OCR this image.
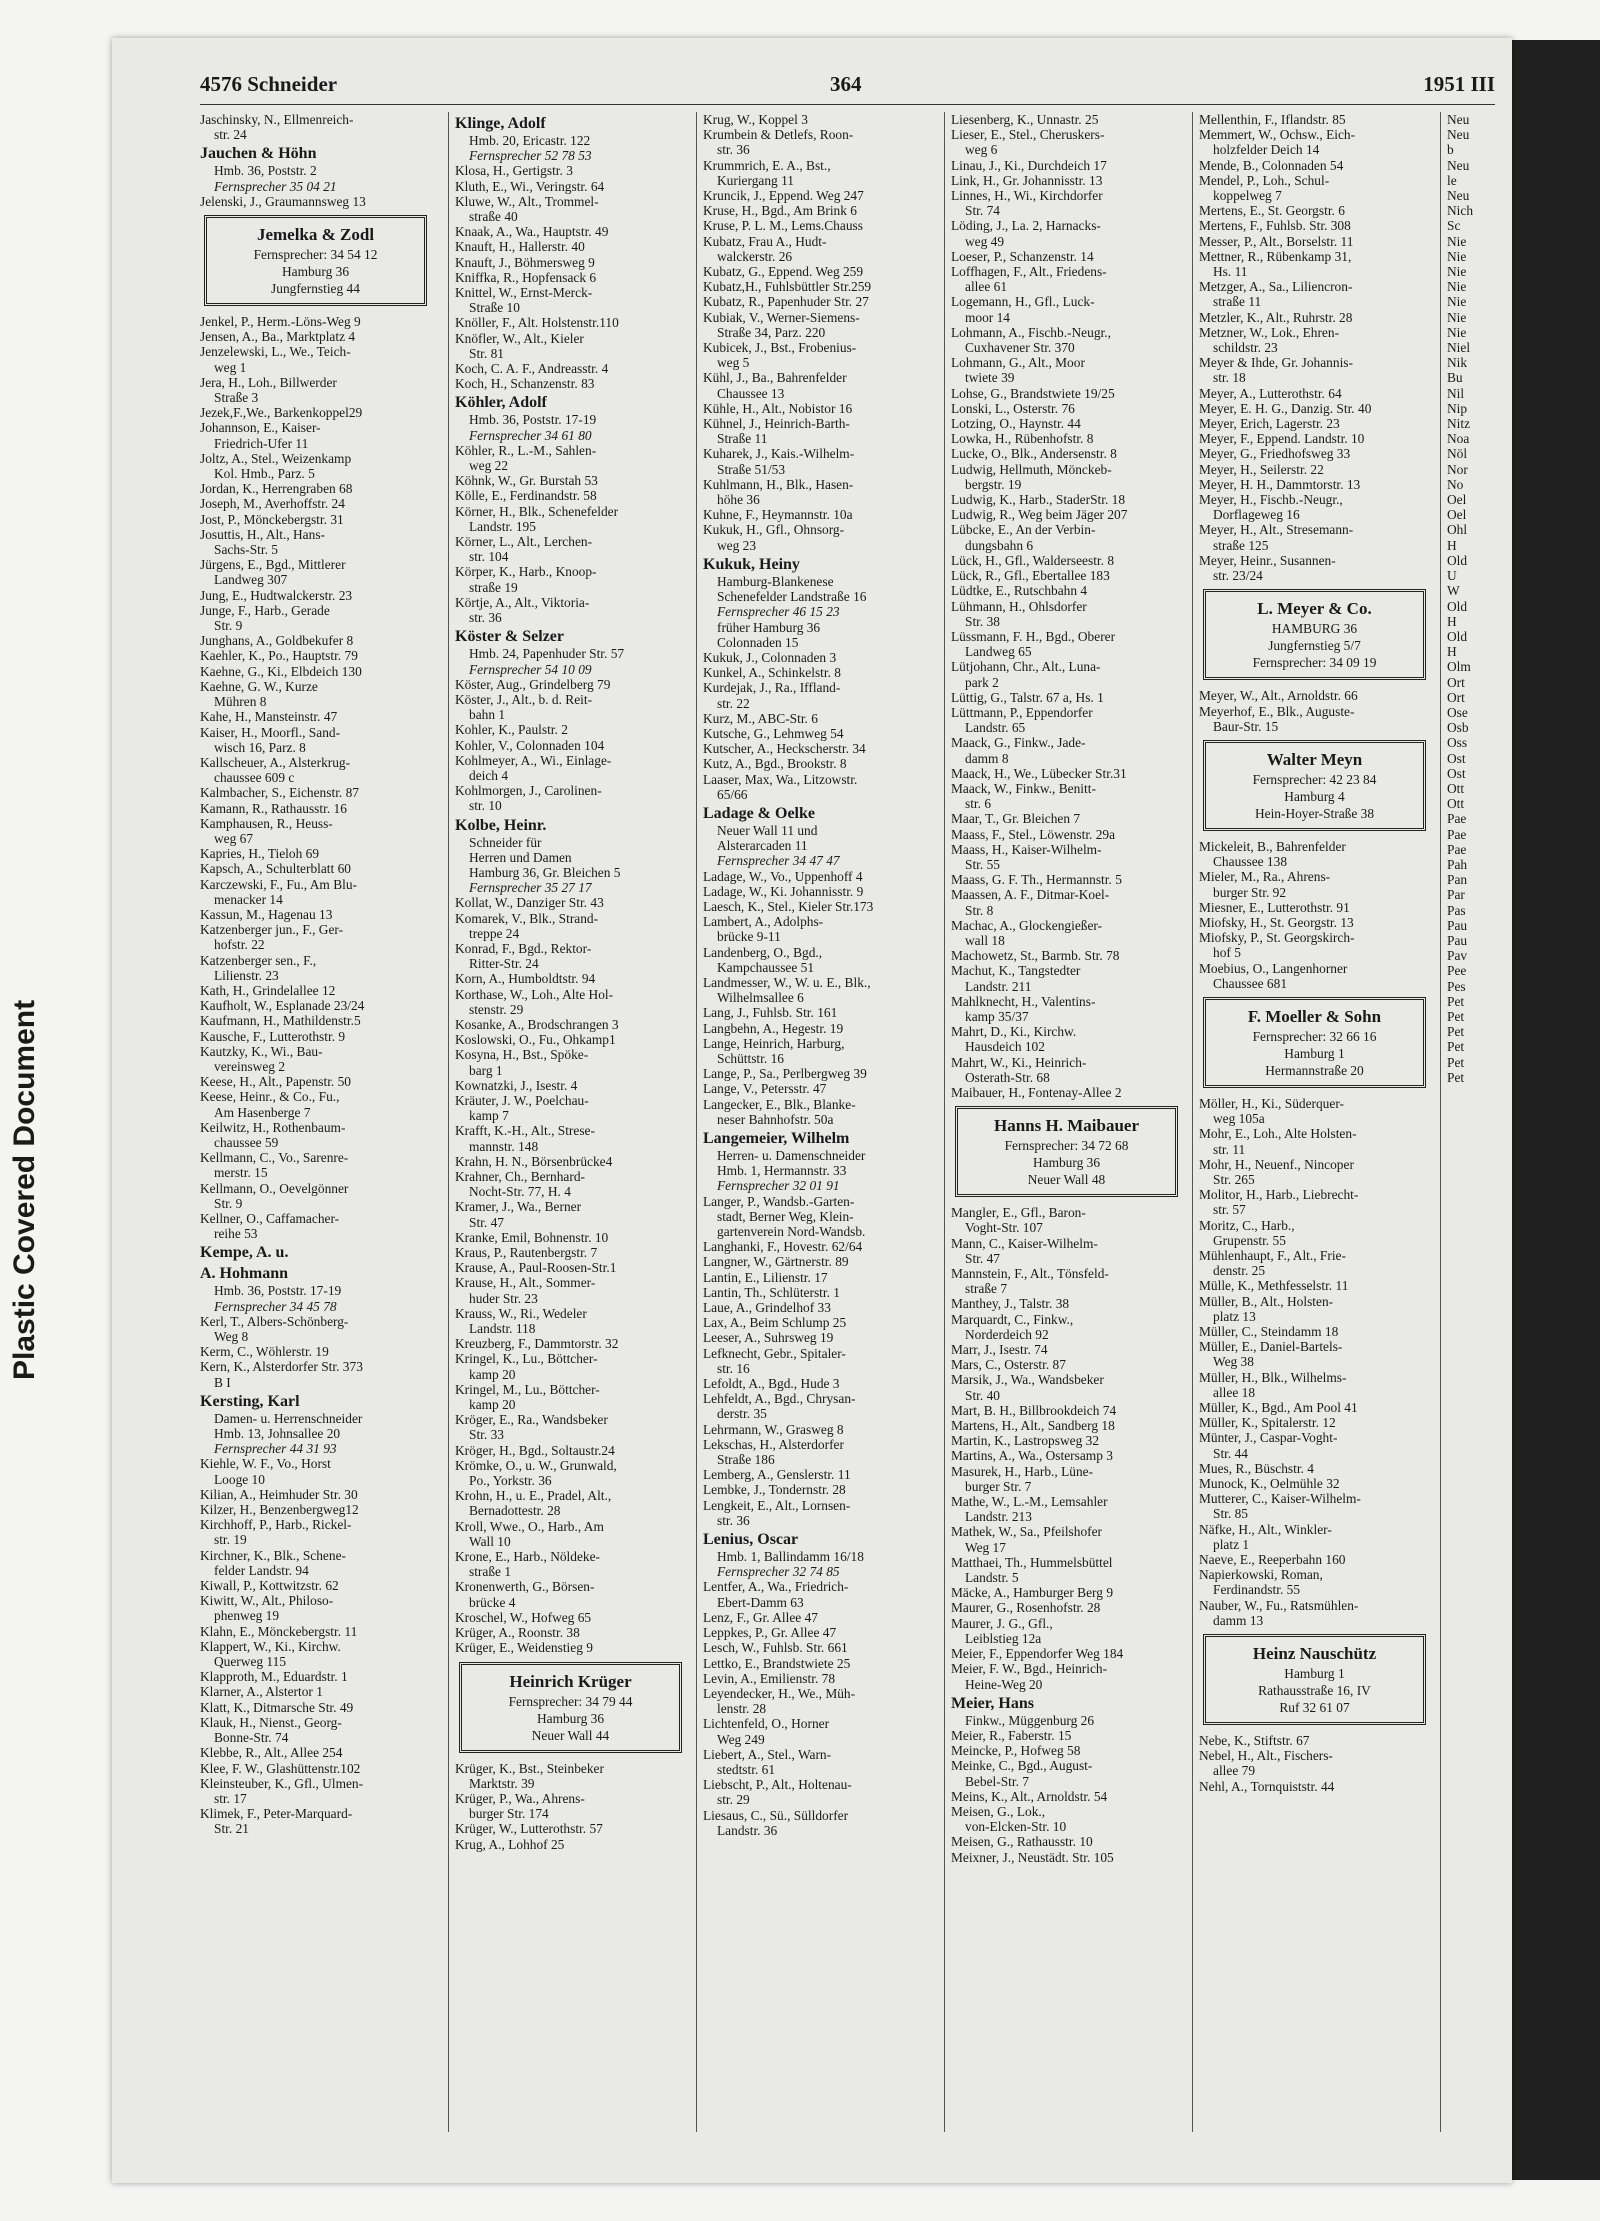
Plastic Covered Document
4576 Schneider	364	1951 III
Jaschinsky, N., Ellmenreich-
str. 24
Jauchen & Höhn
Hmb. 36, Poststr. 2
Fernsprecher 35 04 21
Jelenski, J., Graumannsweg 13
Jemelka & Zodl
Fernsprecher: 34 54 12
Hamburg 36
Jungfernstieg 44
Jenkel, P., Herm.-Löns-Weg 9
Jensen, A., Ba., Marktplatz 4
Jenzelewski, L., We., Teich-
weg 1
Jera, H., Loh., Billwerder
Straße 3
Jezek,F.,We., Barkenkoppel29
Johannson, E., Kaiser-
Friedrich-Ufer 11
Joltz, A., Stel., Weizenkamp
Kol. Hmb., Parz. 5
Jordan, K., Herrengraben 68
Joseph, M., Averhoffstr. 24
Jost, P., Mönckebergstr. 31
Josuttis, H., Alt., Hans-
Sachs-Str. 5
Jürgens, E., Bgd., Mittlerer
Landweg 307
Jung, E., Hudtwalckerstr. 23
Junge, F., Harb., Gerade
Str. 9
Junghans, A., Goldbekufer 8
Kaehler, K., Po., Hauptstr. 79
Kaehne, G., Ki., Elbdeich 130
Kaehne, G. W., Kurze
Mühren 8
Kahe, H., Mansteinstr. 47
Kaiser, H., Moorfl., Sand-
wisch 16, Parz. 8
Kallscheuer, A., Alsterkrug-
chaussee 609 c
Kalmbacher, S., Eichenstr. 87
Kamann, R., Rathausstr. 16
Kamphausen, R., Heuss-
weg 67
Kapries, H., Tieloh 69
Kapsch, A., Schulterblatt 60
Karczewski, F., Fu., Am Blu-
menacker 14
Kassun, M., Hagenau 13
Katzenberger jun., F., Ger-
hofstr. 22
Katzenberger sen., F.,
Lilienstr. 23
Kath, H., Grindelallee 12
Kaufholt, W., Esplanade 23/24
Kaufmann, H., Mathildenstr.5
Kausche, F., Lutterothstr. 9
Kautzky, K., Wi., Bau-
vereinsweg 2
Keese, H., Alt., Papenstr. 50
Keese, Heinr., & Co., Fu.,
Am Hasenberge 7
Keilwitz, H., Rothenbaum-
chaussee 59
Kellmann, C., Vo., Sarenre-
merstr. 15
Kellmann, O., Oevelgönner
Str. 9
Kellner, O., Caffamacher-
reihe 53
Kempe, A. u.
A. Hohmann
Hmb. 36, Poststr. 17-19
Fernsprecher 34 45 78
Kerl, T., Albers-Schönberg-
Weg 8
Kerm, C., Wöhlerstr. 19
Kern, K., Alsterdorfer Str. 373
B I
Kersting, Karl
Damen- u. Herrenschneider
Hmb. 13, Johnsallee 20
Fernsprecher 44 31 93
Kiehle, W. F., Vo., Horst
Looge 10
Kilian, A., Heimhuder Str. 30
Kilzer, H., Benzenbergweg12
Kirchhoff, P., Harb., Rickel-
str. 19
Kirchner, K., Blk., Schene-
felder Landstr. 94
Kiwall, P., Kottwitzstr. 62
Kiwitt, W., Alt., Philoso-
phenweg 19
Klahn, E., Mönckebergstr. 11
Klappert, W., Ki., Kirchw.
Querweg 115
Klapproth, M., Eduardstr. 1
Klarner, A., Alstertor 1
Klatt, K., Ditmarsche Str. 49
Klauk, H., Nienst., Georg-
Bonne-Str. 74
Klebbe, R., Alt., Allee 254
Klee, F. W., Glashüttenstr.102
Kleinsteuber, K., Gfl., Ulmen-
str. 17
Klimek, F., Peter-Marquard-
Str. 21
Klinge, Adolf
Hmb. 20, Ericastr. 122
Fernsprecher 52 78 53
Klosa, H., Gertigstr. 3
Kluth, E., Wi., Veringstr. 64
Kluwe, W., Alt., Trommel-
straße 40
Knaak, A., Wa., Hauptstr. 49
Knauft, H., Hallerstr. 40
Knauft, J., Böhmersweg 9
Kniffka, R., Hopfensack 6
Knittel, W., Ernst-Merck-
Straße 10
Knöller, F., Alt. Holstenstr.110
Knöfler, W., Alt., Kieler
Str. 81
Koch, C. A. F., Andreasstr. 4
Koch, H., Schanzenstr. 83
Köhler, Adolf
Hmb. 36, Poststr. 17-19
Fernsprecher 34 61 80
Köhler, R., L.-M., Sahlen-
weg 22
Köhnk, W., Gr. Burstah 53
Kölle, E., Ferdinandstr. 58
Körner, H., Blk., Schenefelder
Landstr. 195
Körner, L., Alt., Lerchen-
str. 104
Körper, K., Harb., Knoop-
straße 19
Körtje, A., Alt., Viktoria-
str. 36
Köster & Selzer
Hmb. 24, Papenhuder Str. 57
Fernsprecher 54 10 09
Köster, Aug., Grindelberg 79
Köster, J., Alt., b. d. Reit-
bahn 1
Kohler, K., Paulstr. 2
Kohler, V., Colonnaden 104
Kohlmeyer, A., Wi., Einlage-
deich 4
Kohlmorgen, J., Carolinen-
str. 10
Kolbe, Heinr.
Schneider für
Herren und Damen
Hamburg 36, Gr. Bleichen 5
Fernsprecher 35 27 17
Kollat, W., Danziger Str. 43
Komarek, V., Blk., Strand-
treppe 24
Konrad, F., Bgd., Rektor-
Ritter-Str. 24
Korn, A., Humboldtstr. 94
Korthase, W., Loh., Alte Hol-
stenstr. 29
Kosanke, A., Brodschrangen 3
Koslowski, O., Fu., Ohkamp1
Kosyna, H., Bst., Spöke-
barg 1
Kownatzki, J., Isestr. 4
Kräuter, J. W., Poelchau-
kamp 7
Krafft, K.-H., Alt., Strese-
mannstr. 148
Krahn, H. N., Börsenbrücke4
Krahner, Ch., Bernhard-
Nocht-Str. 77, H. 4
Kramer, J., Wa., Berner
Str. 47
Kranke, Emil, Bohnenstr. 10
Kraus, P., Rautenbergstr. 7
Krause, A., Paul-Roosen-Str.1
Krause, H., Alt., Sommer-
huder Str. 23
Krauss, W., Ri., Wedeler
Landstr. 118
Kreuzberg, F., Dammtorstr. 32
Kringel, K., Lu., Böttcher-
kamp 20
Kringel, M., Lu., Böttcher-
kamp 20
Kröger, E., Ra., Wandsbeker
Str. 33
Kröger, H., Bgd., Soltaustr.24
Krömke, O., u. W., Grunwald,
Po., Yorkstr. 36
Krohn, H., u. E., Pradel, Alt.,
Bernadottestr. 28
Kroll, Wwe., O., Harb., Am
Wall 10
Krone, E., Harb., Nöldeke-
straße 1
Kronenwerth, G., Börsen-
brücke 4
Kroschel, W., Hofweg 65
Krüger, A., Roonstr. 38
Krüger, E., Weidenstieg 9
Heinrich Krüger
Fernsprecher: 34 79 44
Hamburg 36
Neuer Wall 44
Krüger, K., Bst., Steinbeker
Marktstr. 39
Krüger, P., Wa., Ahrens-
burger Str. 174
Krüger, W., Lutterothstr. 57
Krug, A., Lohhof 25
Krug, W., Koppel 3
Krumbein & Detlefs, Roon-
str. 36
Krummrich, E. A., Bst.,
Kuriergang 11
Kruncik, J., Eppend. Weg 247
Kruse, H., Bgd., Am Brink 6
Kruse, P. L. M., Lems.Chauss
Kubatz, Frau A., Hudt-
walckerstr. 26
Kubatz, G., Eppend. Weg 259
Kubatz,H., Fuhlsbüttler Str.259
Kubatz, R., Papenhuder Str. 27
Kubiak, V., Werner-Siemens-
Straße 34, Parz. 220
Kubicek, J., Bst., Frobenius-
weg 5
Kühl, J., Ba., Bahrenfelder
Chaussee 13
Kühle, H., Alt., Nobistor 16
Kühnel, J., Heinrich-Barth-
Straße 11
Kuharek, J., Kais.-Wilhelm-
Straße 51/53
Kuhlmann, H., Blk., Hasen-
höhe 36
Kuhne, F., Heymannstr. 10a
Kukuk, H., Gfl., Ohnsorg-
weg 23
Kukuk, Heiny
Hamburg-Blankenese
Schenefelder Landstraße 16
Fernsprecher 46 15 23
früher Hamburg 36
Colonnaden 15
Kukuk, J., Colonnaden 3
Kunkel, A., Schinkelstr. 8
Kurdejak, J., Ra., Iffland-
str. 22
Kurz, M., ABC-Str. 6
Kutsche, G., Lehmweg 54
Kutscher, A., Heckscherstr. 34
Kutz, A., Bgd., Brookstr. 8
Laaser, Max, Wa., Litzowstr.
65/66
Ladage & Oelke
Neuer Wall 11 und
Alsterarcaden 11
Fernsprecher 34 47 47
Ladage, W., Vo., Uppenhoff 4
Ladage, W., Ki. Johannisstr. 9
Laesch, K., Stel., Kieler Str.173
Lambert, A., Adolphs-
brücke 9-11
Landenberg, O., Bgd.,
Kampchaussee 51
Landmesser, W., W. u. E., Blk.,
Wilhelmsallee 6
Lang, J., Fuhlsb. Str. 161
Langbehn, A., Hegestr. 19
Lange, Heinrich, Harburg,
Schüttstr. 16
Lange, P., Sa., Perlbergweg 39
Lange, V., Petersstr. 47
Langecker, E., Blk., Blanke-
neser Bahnhofstr. 50a
Langemeier, Wilhelm
Herren- u. Damenschneider
Hmb. 1, Hermannstr. 33
Fernsprecher 32 01 91
Langer, P., Wandsb.-Garten-
stadt, Berner Weg, Klein-
gartenverein Nord-Wandsb.
Langhanki, F., Hovestr. 62/64
Langner, W., Gärtnerstr. 89
Lantin, E., Lilienstr. 17
Lantin, Th., Schlüterstr. 1
Laue, A., Grindelhof 33
Lax, A., Beim Schlump 25
Leeser, A., Suhrsweg 19
Lefknecht, Gebr., Spitaler-
str. 16
Lefoldt, A., Bgd., Hude 3
Lehfeldt, A., Bgd., Chrysan-
derstr. 35
Lehrmann, W., Grasweg 8
Lekschas, H., Alsterdorfer
Straße 186
Lemberg, A., Genslerstr. 11
Lembke, J., Tondernstr. 28
Lengkeit, E., Alt., Lornsen-
str. 36
Lenius, Oscar
Hmb. 1, Ballindamm 16/18
Fernsprecher 32 74 85
Lentfer, A., Wa., Friedrich-
Ebert-Damm 63
Lenz, F., Gr. Allee 47
Leppkes, P., Gr. Allee 47
Lesch, W., Fuhlsb. Str. 661
Lettko, E., Brandstwiete 25
Levin, A., Emilienstr. 78
Leyendecker, H., We., Müh-
lenstr. 28
Lichtenfeld, O., Horner
Weg 249
Liebert, A., Stel., Warn-
stedtstr. 61
Liebscht, P., Alt., Holtenau-
str. 29
Liesaus, C., Sü., Sülldorfer
Landstr. 36
Liesenberg, K., Unnastr. 25
Lieser, E., Stel., Cheruskers-
weg 6
Linau, J., Ki., Durchdeich 17
Link, H., Gr. Johannisstr. 13
Linnes, H., Wi., Kirchdorfer
Str. 74
Löding, J., La. 2, Harnacks-
weg 49
Loeser, P., Schanzenstr. 14
Loffhagen, F., Alt., Friedens-
allee 61
Logemann, H., Gfl., Luck-
moor 14
Lohmann, A., Fischb.-Neugr.,
Cuxhavener Str. 370
Lohmann, G., Alt., Moor
twiete 39
Lohse, G., Brandstwiete 19/25
Lonski, L., Osterstr. 76
Lotzing, O., Haynstr. 44
Lowka, H., Rübenhofstr. 8
Lucke, O., Blk., Andersenstr. 8
Ludwig, Hellmuth, Mönckeb-
bergstr. 19
Ludwig, K., Harb., StaderStr. 18
Ludwig, R., Weg beim Jäger 207
Lübcke, E., An der Verbin-
dungsbahn 6
Lück, H., Gfl., Walderseestr. 8
Lück, R., Gfl., Ebertallee 183
Lüdtke, E., Rutschbahn 4
Lühmann, H., Ohlsdorfer
Str. 38
Lüssmann, F. H., Bgd., Oberer
Landweg 65
Lütjohann, Chr., Alt., Luna-
park 2
Lüttig, G., Talstr. 67 a, Hs. 1
Lüttmann, P., Eppendorfer
Landstr. 65
Maack, G., Finkw., Jade-
damm 8
Maack, H., We., Lübecker Str.31
Maack, W., Finkw., Benitt-
str. 6
Maar, T., Gr. Bleichen 7
Maass, F., Stel., Löwenstr. 29a
Maass, H., Kaiser-Wilhelm-
Str. 55
Maass, G. F. Th., Hermannstr. 5
Maassen, A. F., Ditmar-Koel-
Str. 8
Machac, A., Glockengießer-
wall 18
Machowetz, St., Barmb. Str. 78
Machut, K., Tangstedter
Landstr. 211
Mahlknecht, H., Valentins-
kamp 35/37
Mahrt, D., Ki., Kirchw.
Hausdeich 102
Mahrt, W., Ki., Heinrich-
Osterath-Str. 68
Maibauer, H., Fontenay-Allee 2
Hanns H. Maibauer
Fernsprecher: 34 72 68
Hamburg 36
Neuer Wall 48
Mangler, E., Gfl., Baron-
Voght-Str. 107
Mann, C., Kaiser-Wilhelm-
Str. 47
Mannstein, F., Alt., Tönsfeld-
straße 7
Manthey, J., Talstr. 38
Marquardt, C., Finkw.,
Norderdeich 92
Marr, J., Isestr. 74
Mars, C., Osterstr. 87
Marsik, J., Wa., Wandsbeker
Str. 40
Mart, B. H., Billbrookdeich 74
Martens, H., Alt., Sandberg 18
Martin, K., Lastropsweg 32
Martins, A., Wa., Ostersamp 3
Masurek, H., Harb., Lüne-
burger Str. 7
Mathe, W., L.-M., Lemsahler
Landstr. 213
Mathek, W., Sa., Pfeilshofer
Weg 17
Matthaei, Th., Hummelsbüttel
Landstr. 5
Mäcke, A., Hamburger Berg 9
Maurer, G., Rosenhofstr. 28
Maurer, J. G., Gfl.,
Leiblstieg 12a
Meier, F., Eppendorfer Weg 184
Meier, F. W., Bgd., Heinrich-
Heine-Weg 20
Meier, Hans
Finkw., Müggenburg 26
Meier, R., Faberstr. 15
Meincke, P., Hofweg 58
Meinke, C., Bgd., August-
Bebel-Str. 7
Meins, K., Alt., Arnoldstr. 54
Meisen, G., Lok.,
von-Elcken-Str. 10
Meisen, G., Rathausstr. 10
Meixner, J., Neustädt. Str. 105
Mellenthin, F., Iflandstr. 85
Memmert, W., Ochsw., Eich-
holzfelder Deich 14
Mende, B., Colonnaden 54
Mendel, P., Loh., Schul-
koppelweg 7
Mertens, E., St. Georgstr. 6
Mertens, F., Fuhlsb. Str. 308
Messer, P., Alt., Borselstr. 11
Mettner, R., Rübenkamp 31,
Hs. 11
Metzger, A., Sa., Liliencron-
straße 11
Metzler, K., Alt., Ruhrstr. 28
Metzner, W., Lok., Ehren-
schildstr. 23
Meyer & Ihde, Gr. Johannis-
str. 18
Meyer, A., Lutterothstr. 64
Meyer, E. H. G., Danzig. Str. 40
Meyer, Erich, Lagerstr. 23
Meyer, F., Eppend. Landstr. 10
Meyer, G., Friedhofsweg 33
Meyer, H., Seilerstr. 22
Meyer, H. H., Dammtorstr. 13
Meyer, H., Fischb.-Neugr.,
Dorflageweg 16
Meyer, H., Alt., Stresemann-
straße 125
Meyer, Heinr., Susannen-
str. 23/24
L. Meyer & Co.
HAMBURG 36
Jungfernstieg 5/7
Fernsprecher: 34 09 19
Meyer, W., Alt., Arnoldstr. 66
Meyerhof, E., Blk., Auguste-
Baur-Str. 15
Walter Meyn
Fernsprecher: 42 23 84
Hamburg 4
Hein-Hoyer-Straße 38
Mickeleit, B., Bahrenfelder
Chaussee 138
Mieler, M., Ra., Ahrens-
burger Str. 92
Miesner, E., Lutterothstr. 91
Miofsky, H., St. Georgstr. 13
Miofsky, P., St. Georgskirch-
hof 5
Moebius, O., Langenhorner
Chaussee 681
F. Moeller & Sohn
Fernsprecher: 32 66 16
Hamburg 1
Hermannstraße 20
Möller, H., Ki., Süderquer-
weg 105a
Mohr, E., Loh., Alte Holsten-
str. 11
Mohr, H., Neuenf., Nincoper
Str. 265
Molitor, H., Harb., Liebrecht-
str. 57
Moritz, C., Harb.,
Grupenstr. 55
Mühlenhaupt, F., Alt., Frie-
denstr. 25
Mülle, K., Methfesselstr. 11
Müller, B., Alt., Holsten-
platz 13
Müller, C., Steindamm 18
Müller, E., Daniel-Bartels-
Weg 38
Müller, H., Blk., Wilhelms-
allee 18
Müller, K., Bgd., Am Pool 41
Müller, K., Spitalerstr. 12
Münter, J., Caspar-Voght-
Str. 44
Mues, R., Büschstr. 4
Munock, K., Oelmühle 32
Mutterer, C., Kaiser-Wilhelm-
Str. 85
Näfke, H., Alt., Winkler-
platz 1
Naeve, E., Reeperbahn 160
Napierkowski, Roman,
Ferdinandstr. 55
Nauber, W., Fu., Ratsmühlen-
damm 13
Heinz Nauschütz
Hamburg 1
Rathausstraße 16, IV
Ruf 32 61 07
Nebe, K., Stiftstr. 67
Nebel, H., Alt., Fischers-
allee 79
Nehl, A., Tornquiststr. 44
Neu
Neu
b
Neu
le
Neu
Nich
Sc
Nie
Nie
Nie
Nie
Nie
Nie
Nie
Niel
Nik
Bu
Nil
Nip
Nitz
Noa
Nöl
Nor
No
Oel
Oel
Ohl
H
Old
U
W
Old
H
Old
H
Olm
Ort
Ort
Ose
Osb
Oss
Ost
Ost
Ott
Ott
Pae
Pae
Pae
Pah
Pan
Par
Pas
Pau
Pau
Pav
Pee
Pes
Pet
Pet
Pet
Pet
Pet
Pet
